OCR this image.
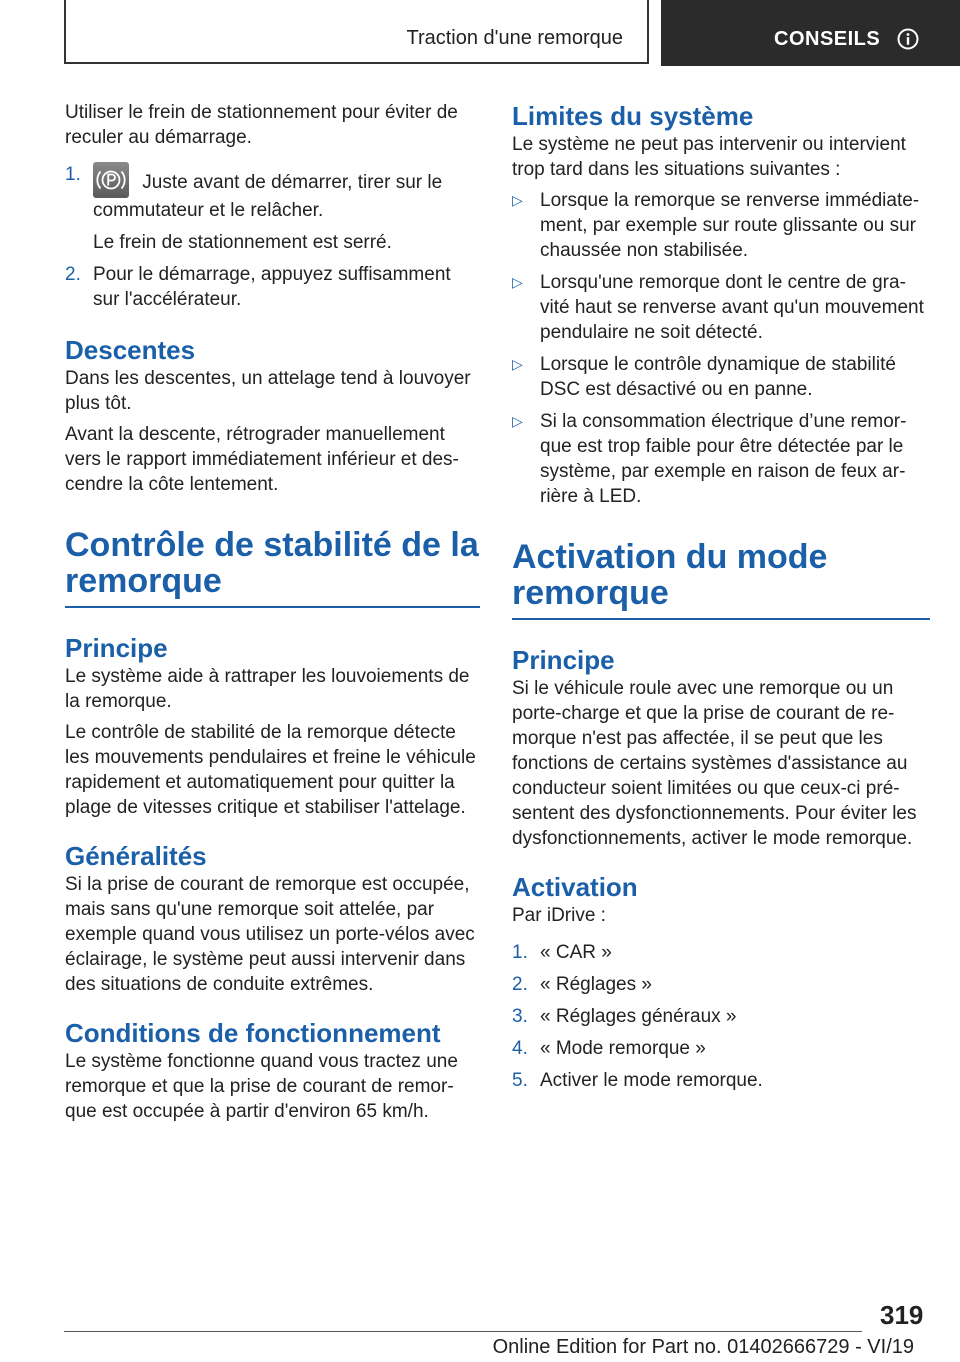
Traction d'une remorque	CONSEILS

Utiliser le frein de stationnement pour éviter de reculer au démarrage.

1.	Juste avant de démarrer, tirer sur le commutateur et le relâcher.

Le frein de stationnement est serré.

2. Pour le démarrage, appuyez suffisamment sur l'accélérateur.

Descentes

Dans les descentes, un attelage tend à louvoyer plus tôt.

Avant la descente, rétrograder manuellement vers le rapport immédiatement inférieur et des-cendre la côte lentement.

Contrôle de stabilité de la remorque

Principe

Le système aide à rattraper les louvoiements de la remorque.

Le contrôle de stabilité de la remorque détecte les mouvements pendulaires et freine le véhicule rapidement et automatiquement pour quitter la plage de vitesses critique et stabiliser l'attelage.

Généralités

Si la prise de courant de remorque est occupée, mais sans qu'une remorque soit attelée, par exemple quand vous utilisez un porte-vélos avec éclairage, le système peut aussi intervenir dans des situations de conduite extrêmes.

Conditions de fonctionnement

Le système fonctionne quand vous tractez une remorque et que la prise de courant de remor-que est occupée à partir d'environ 65 km/h.

Limites du système

Le système ne peut pas intervenir ou intervient trop tard dans les situations suivantes :

▷ Lorsque la remorque se renverse immédiate-ment, par exemple sur route glissante ou sur chaussée non stabilisée.
▷ Lorsqu'une remorque dont le centre de gra-vité haut se renverse avant qu'un mouvement pendulaire ne soit détecté.
▷ Lorsque le contrôle dynamique de stabilité DSC est désactivé ou en panne.
▷ Si la consommation électrique d’une remor-que est trop faible pour être détectée par le système, par exemple en raison de feux ar-rière à LED.

Activation du mode remorque

Principe

Si le véhicule roule avec une remorque ou un porte-charge et que la prise de courant de re-morque n'est pas affectée, il se peut que les fonctions de certains systèmes d'assistance au conducteur soient limitées ou que ceux-ci pré-sentent des dysfonctionnements. Pour éviter les dysfonctionnements, activer le mode remorque.

Activation

Par iDrive :

1. « CAR »
2. « Réglages »
3. « Réglages généraux »
4. « Mode remorque »
5. Activer le mode remorque.
319
Online Edition for Part no. 01402666729 - VI/19
